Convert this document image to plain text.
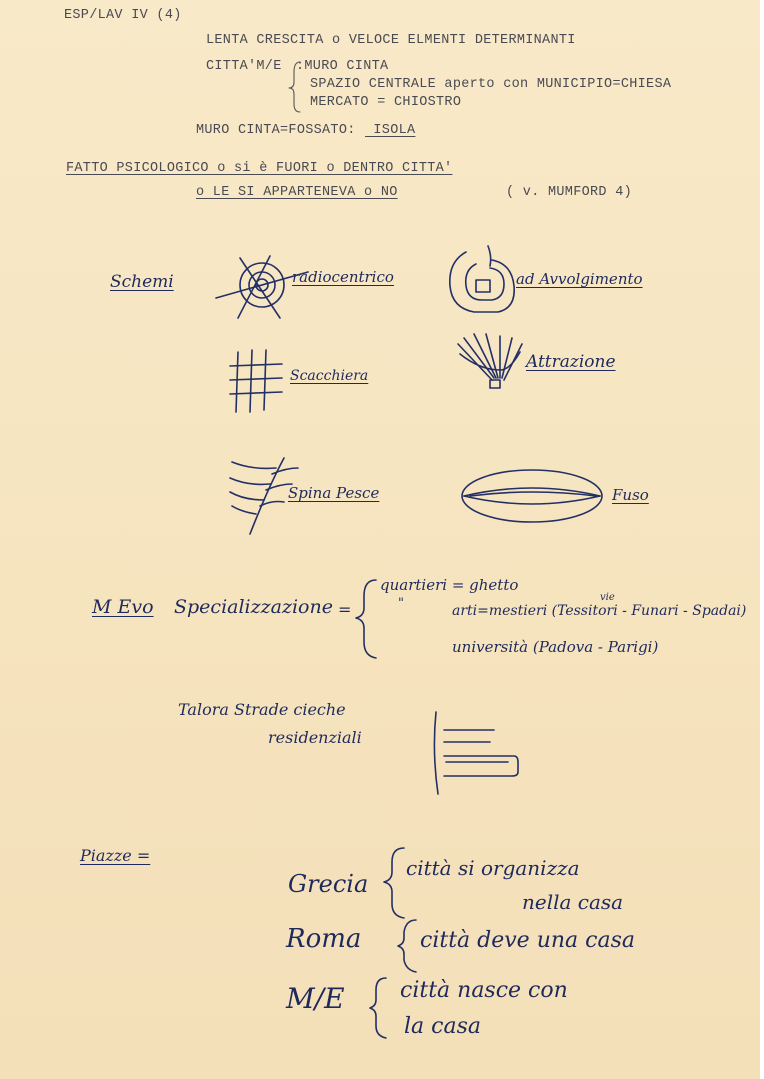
ESP/LAV IV (4)
LENTA CRESCITA o VELOCE ELMENTI DETERMINANTI
CITTA'M/E :MURO CINTA
SPAZIO CENTRALE aperto con MUNICIPIO=CHIESA
MERCATO = CHIOSTRO
MURO CINTA=FOSSATO: ISOLA
FATTO PSICOLOGICO o si è FUORI o DENTRO CITTA'
o LE SI APPARTENEVA o NO	( v. MUMFORD 4)
Schemi	radiocentrico	ad Avvolgimento
Scacchiera
Attrazione
Spina Pesce	Fuso
M Evo Specializzazione =
quartieri = ghetto
"	vie
arti=mestieri (Tessitori - Funari - Spadai)
università (Padova - Parigi)
Talora Strade cieche
residenziali
Piazze =
Grecia
città si organizza
nella casa
Roma	città deve una casa
M/E	città nasce con
la casa
